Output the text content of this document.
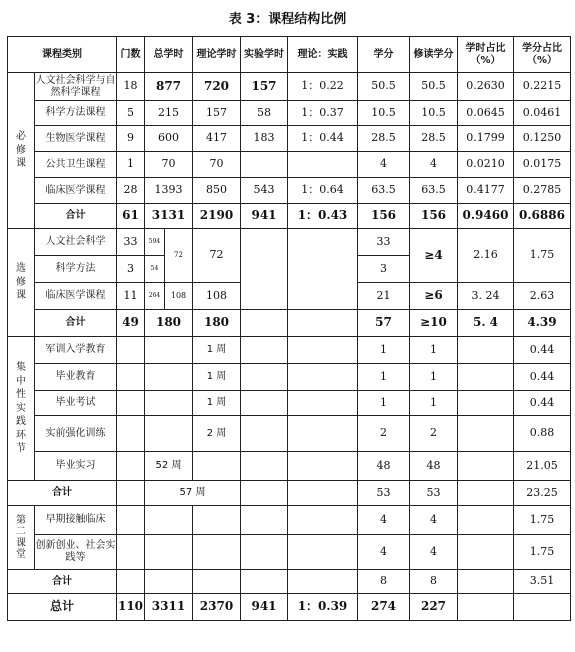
表 3：课程结构比例
课程类别		门数	总学时		理论学时	实验学时	理论：实践	学分	修读学分	学时占比（%）	学分占比（%）

必修课	人文社会科学与自然科学课程	18	877		720	157	1：0.22	50.5	50.5	0.2630	0.2215
	科学方法课程	5	215		157	58	1：0.37	10.5	10.5	0.0645	0.0461
	生物医学课程	9	600		417	183	1：0.44	28.5	28.5	0.1799	0.1250
	公共卫生课程	1	70		70			4	4	0.0210	0.0175
	临床医学课程	28	1393		850	543	1：0.64	63.5	63.5	0.4177	0.2785
	合计	61	3131		2190	941	1：0.43	156	156	0.9460	0.6886

选修课	人文社会科学	33	594	72	72			33	≥4	2.16	1.75
	科学方法	3	54					3			
	临床医学课程	11	264	108	108			21	≥6	3. 24	2.63
	合计	49	180		180			57	≥10	5. 4	4.39

集中性实践环节	军训入学教育				1 周			1	1		0.44
	毕业教育				1 周			1	1		0.44
	毕业考试				1 周			1	1		0.44
	实前强化训练				2 周			2	2		0.88
	毕业实习		52 周					48	48		21.05
合计			57 周					53	53		23.25

第二课堂	早期接触临床							4	4		1.75

	创新创业、社会实践等							4	4		1.75
合计								8	8		3.51
总计		110	3311		2370	941	1：0.39	274	227		
